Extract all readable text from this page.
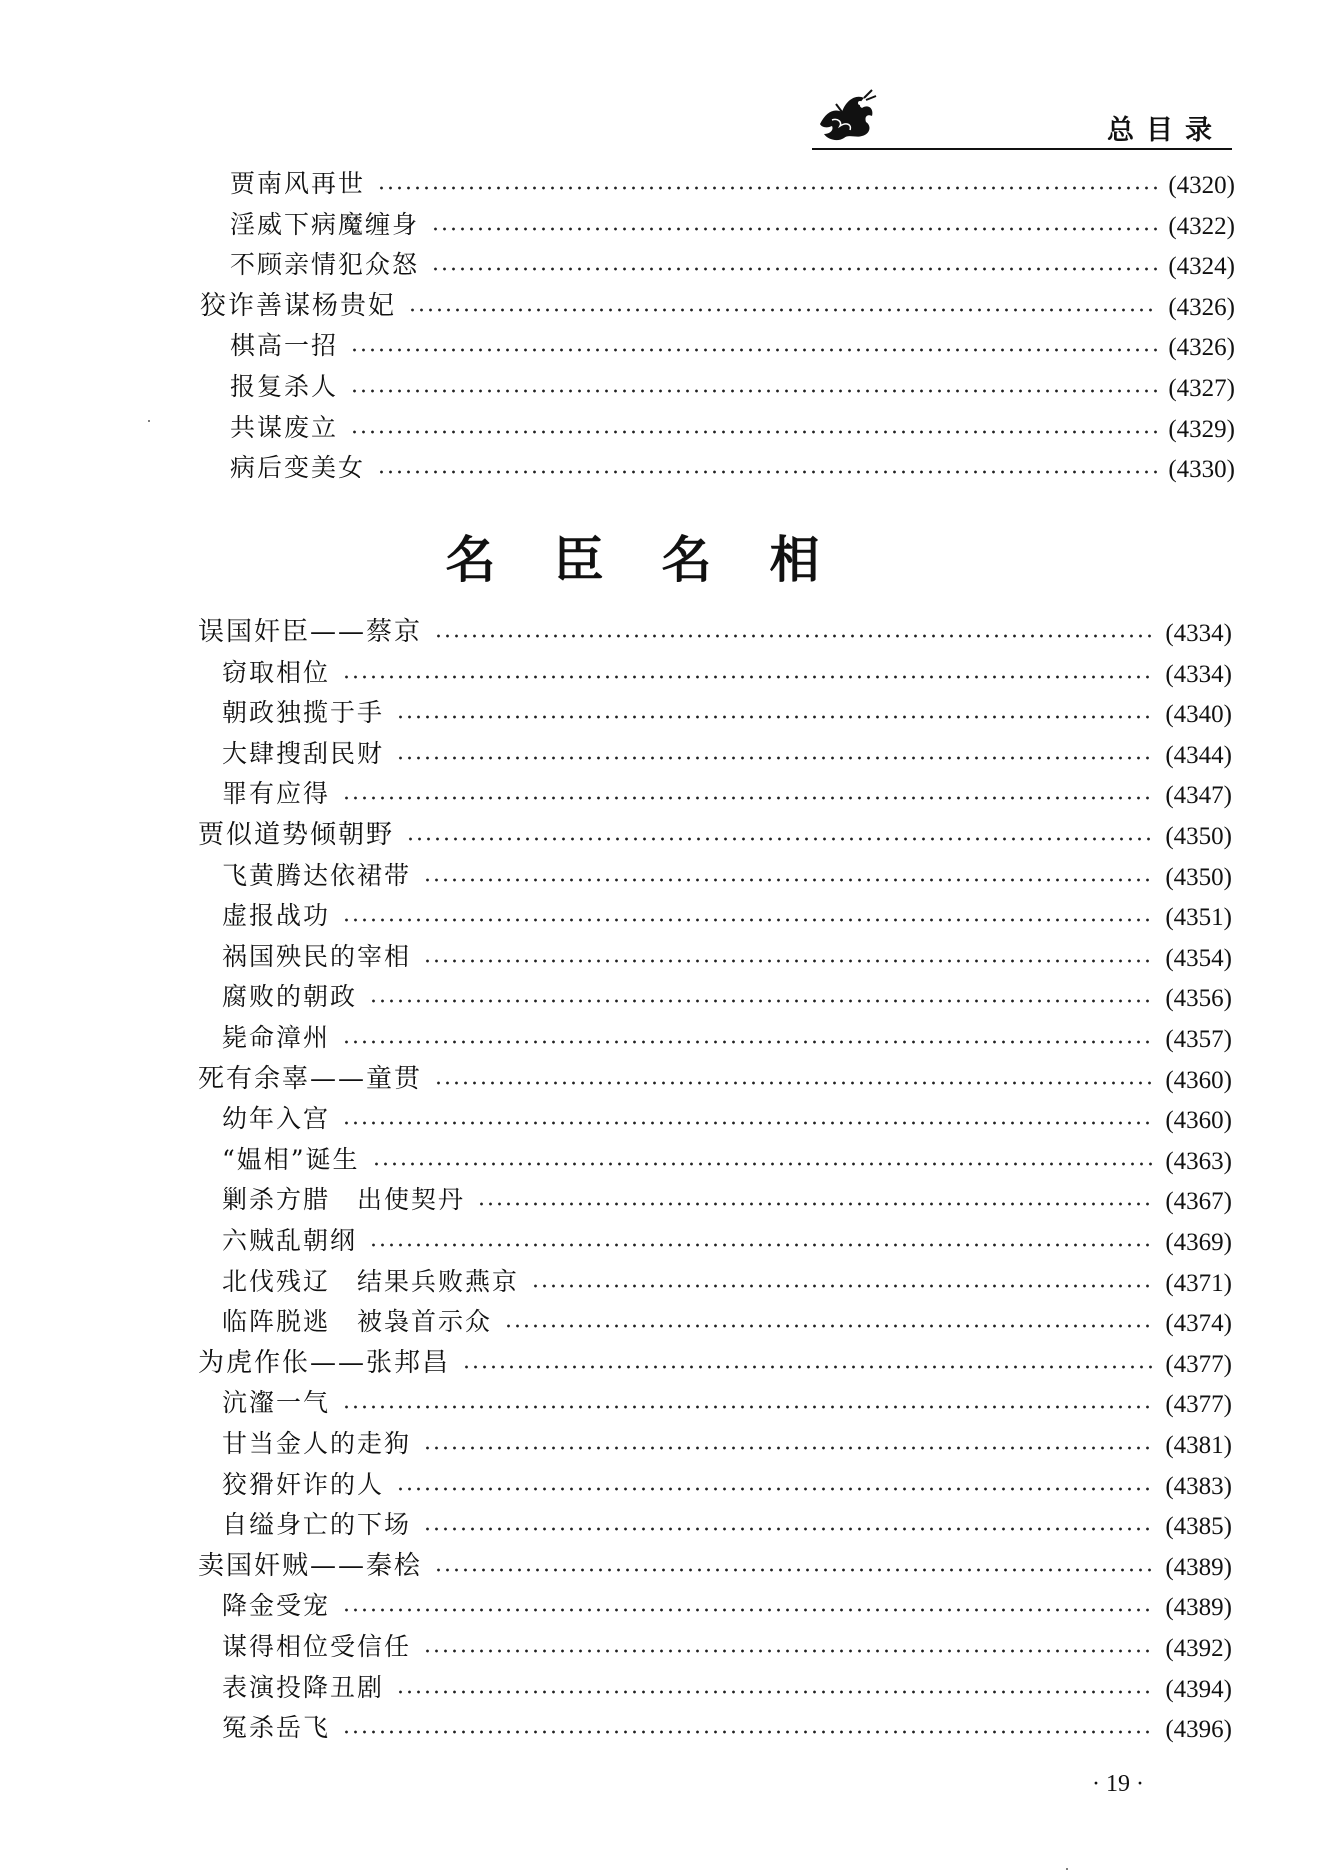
总目录
贾南风再世	(4320)
淫威下病魔缠身	(4322)
不顾亲情犯众怒	(4324)
狡诈善谋杨贵妃	(4326)
棋高一招	(4326)
报复杀人	(4327)
共谋废立	(4329)
病后变美女	(4330)
误国奸臣——蔡京	(4334)
窃取相位	(4334)
朝政独揽于手	(4340)
大肆搜刮民财	(4344)
罪有应得	(4347)
贾似道势倾朝野	(4350)
飞黄腾达依裙带	(4350)
虚报战功	(4351)
祸国殃民的宰相	(4354)
腐败的朝政	(4356)
毙命漳州	(4357)
死有余辜——童贯	(4360)
幼年入宫	(4360)
“媪相”诞生	(4363)
剿杀方腊　出使契丹	(4367)
六贼乱朝纲	(4369)
北伐残辽　结果兵败燕京	(4371)
临阵脱逃　被袅首示众	(4374)
为虎作伥——张邦昌	(4377)
沆瀣一气	(4377)
甘当金人的走狗	(4381)
狡猾奸诈的人	(4383)
自缢身亡的下场	(4385)
卖国奸贼——秦桧	(4389)
降金受宠	(4389)
谋得相位受信任	(4392)
表演投降丑剧	(4394)
冤杀岳飞	(4396)
名臣名相
· 19 ·
